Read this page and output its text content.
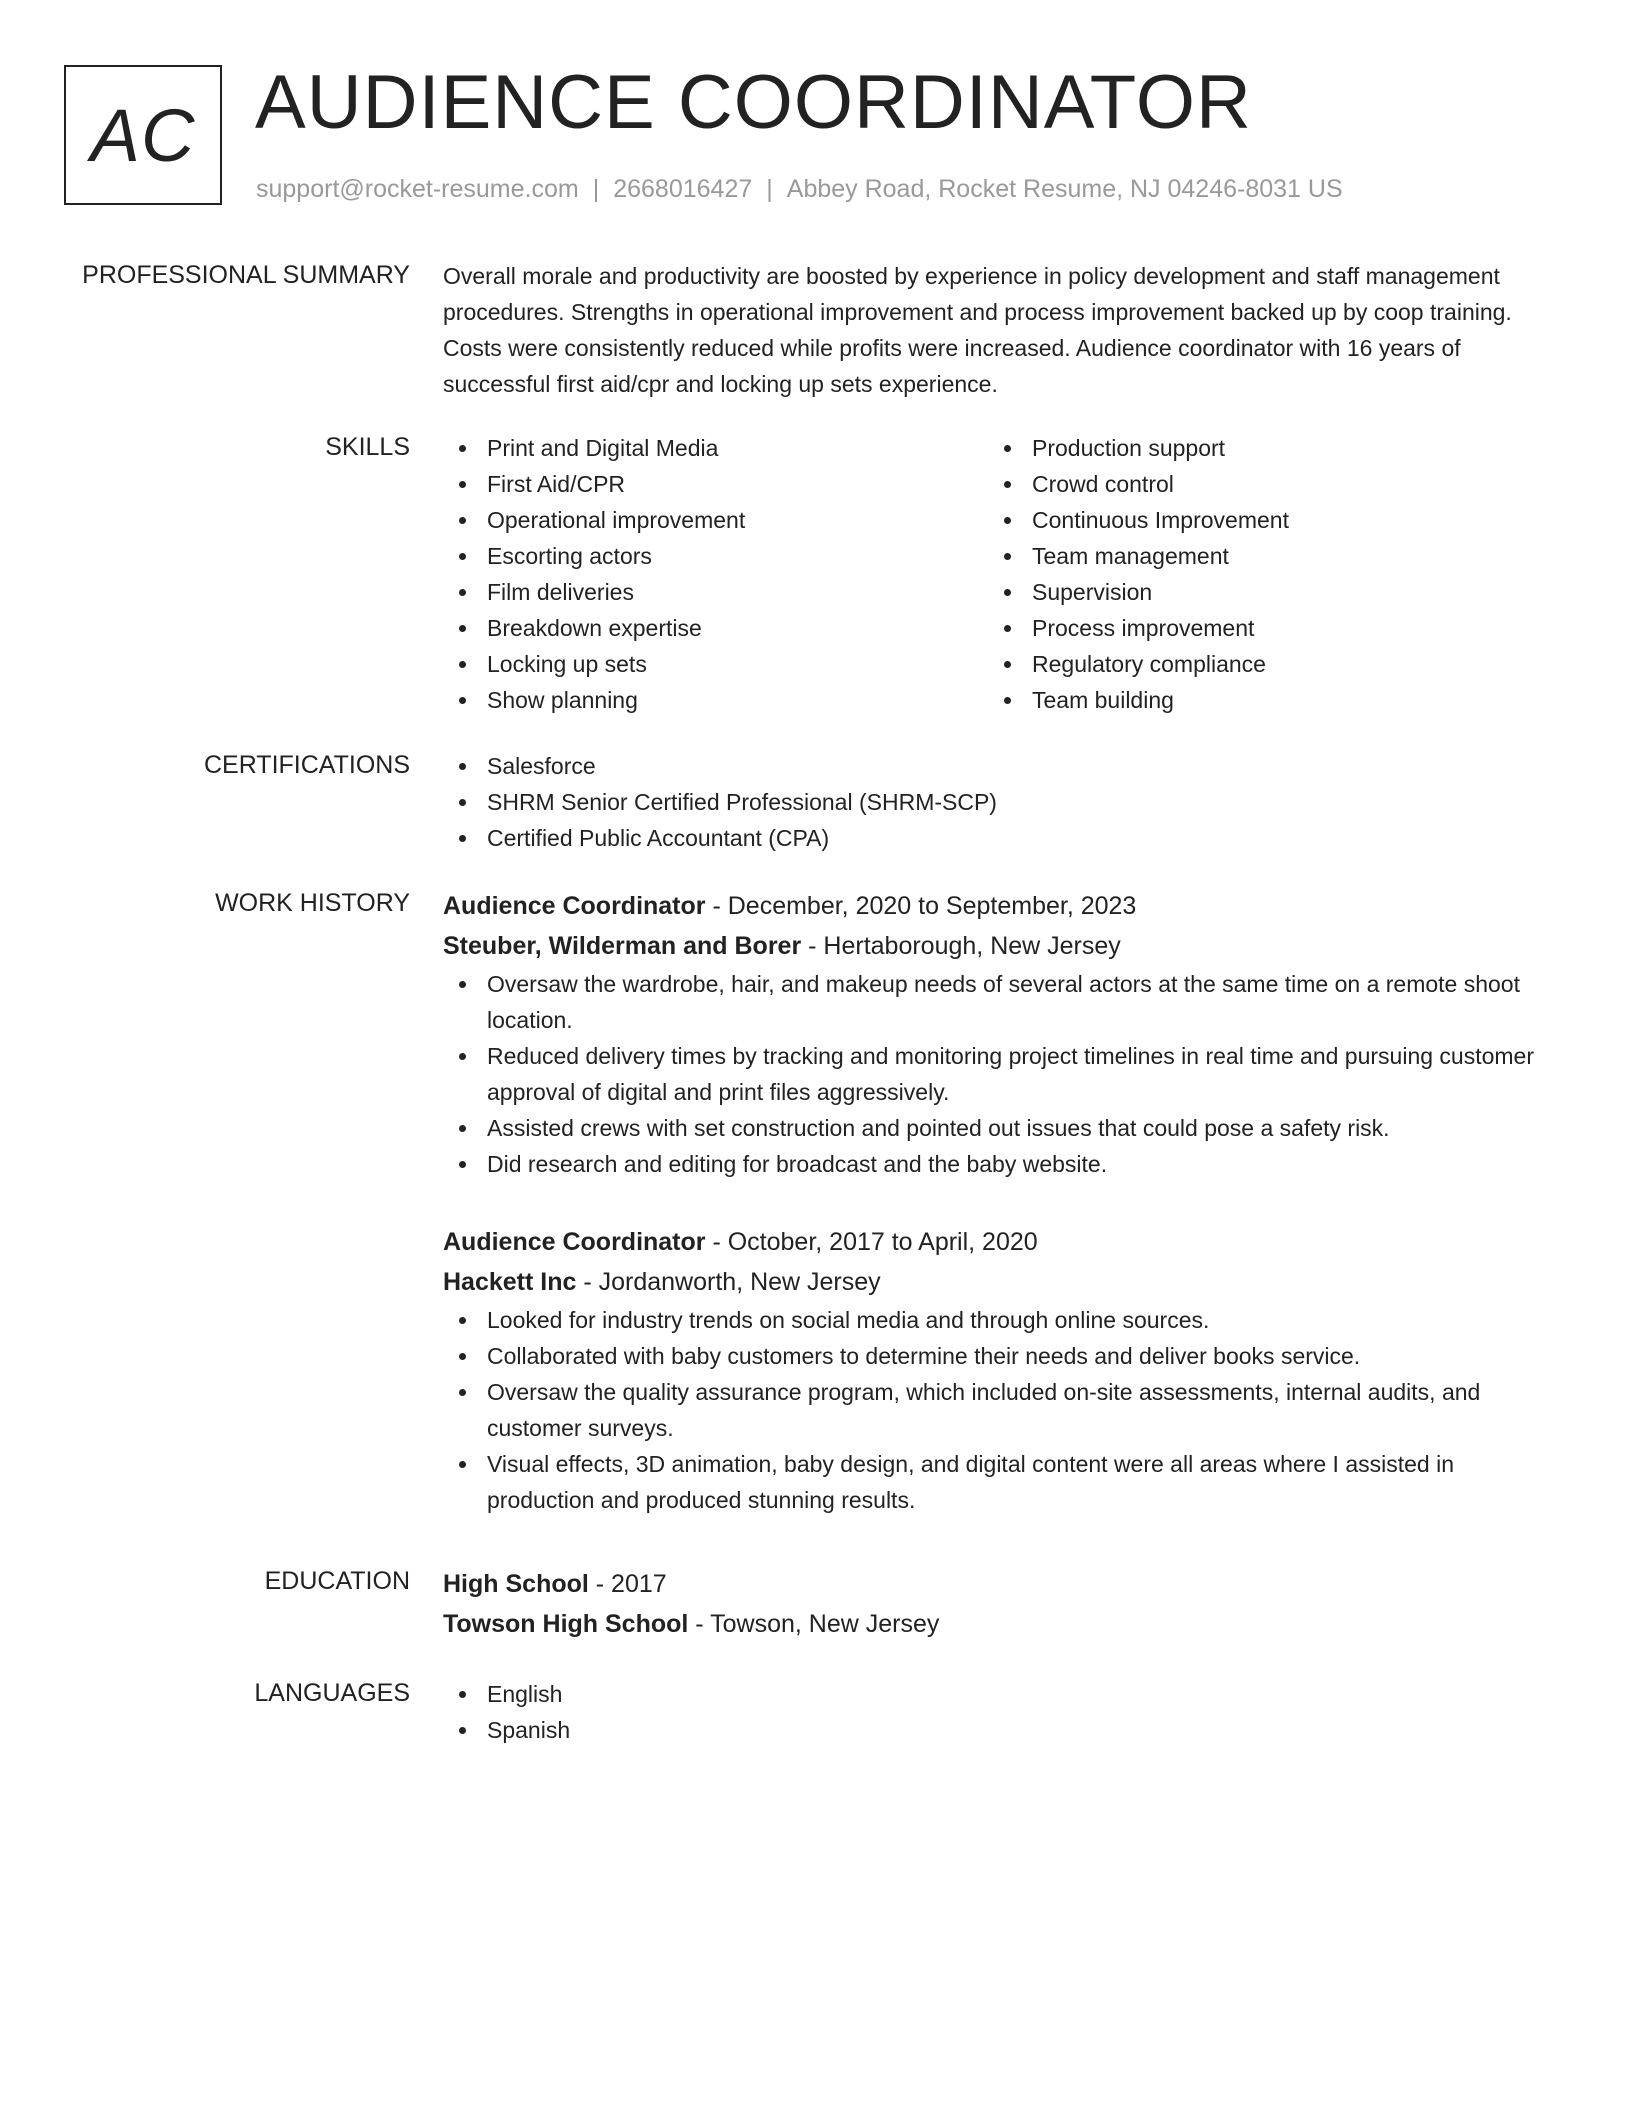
AC AUDIENCE COORDINATOR
support@rocket-resume.com | 2668016427 | Abbey Road, Rocket Resume, NJ 04246-8031 US
PROFESSIONAL SUMMARY Overall morale and productivity are boosted by experience in policy development and staff management procedures. Strengths in operational improvement and process improvement backed up by coop training. Costs were consistently reduced while profits were increased. Audience coordinator with 16 years of successful first aid/cpr and locking up sets experience.

SKILLS	Print and Digital Media
First Aid/CPR
Operational improvement
Escorting actors
Film deliveries
Breakdown expertise
Locking up sets
Show planning
Production support
Crowd control
Continuous Improvement
Team management
Supervision
Process improvement
Regulatory compliance
Team building
CERTIFICATIONS	Salesforce
SHRM Senior Certified Professional (SHRM-SCP)
Certified Public Accountant (CPA)
WORK HISTORY Audience Coordinator - December, 2020 to September, 2023
Steuber, Wilderman and Borer - Hertaborough, New Jersey
Oversaw the wardrobe, hair, and makeup needs of several actors at the same time on a remote shoot location.
Reduced delivery times by tracking and monitoring project timelines in real time and pursuing customer approval of digital and print files aggressively.
Assisted crews with set construction and pointed out issues that could pose a safety risk.
Did research and editing for broadcast and the baby website.
Audience Coordinator - October, 2017 to April, 2020
Hackett Inc - Jordanworth, New Jersey
Looked for industry trends on social media and through online sources.
Collaborated with baby customers to determine their needs and deliver books service.
Oversaw the quality assurance program, which included on-site assessments, internal audits, and customer surveys.
Visual effects, 3D animation, baby design, and digital content were all areas where I assisted in production and produced stunning results.
EDUCATION High School - 2017
Towson High School - Towson, New Jersey
LANGUAGES	English
Spanish
